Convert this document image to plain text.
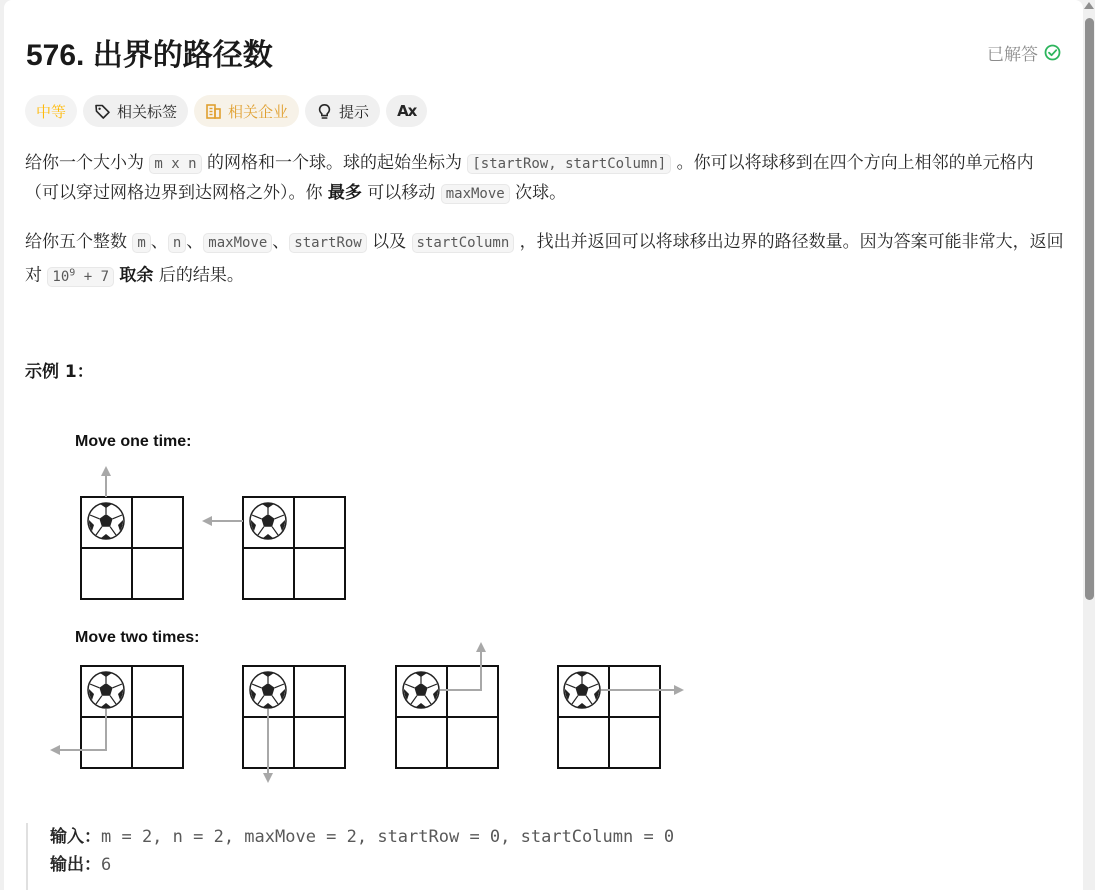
576. 出界的路径数	已解答
中等	相关标签	相关企业	提示 Ax
给你一个大小为 m x n 的网格和一个球。球的起始坐标为 [startRow, startColumn] 。你可以将球移到在四个方向上相邻的单元格内（可以穿过网格边界到达网格之外）。你 最多 可以移动 maxMove 次球。
给你五个整数 m 、 n 、 maxMove 、 startRow 以及 startColumn ，找出并返回可以将球移出边界的路径数量。因为答案可能非常大，返回对 $10^9 + 7$ 取余 后的结果。
示例 1：
Move one time:
Move two times:
输入：m = 2, n = 2, maxMove = 2, startRow = 0, startColumn = 0
输出：6
